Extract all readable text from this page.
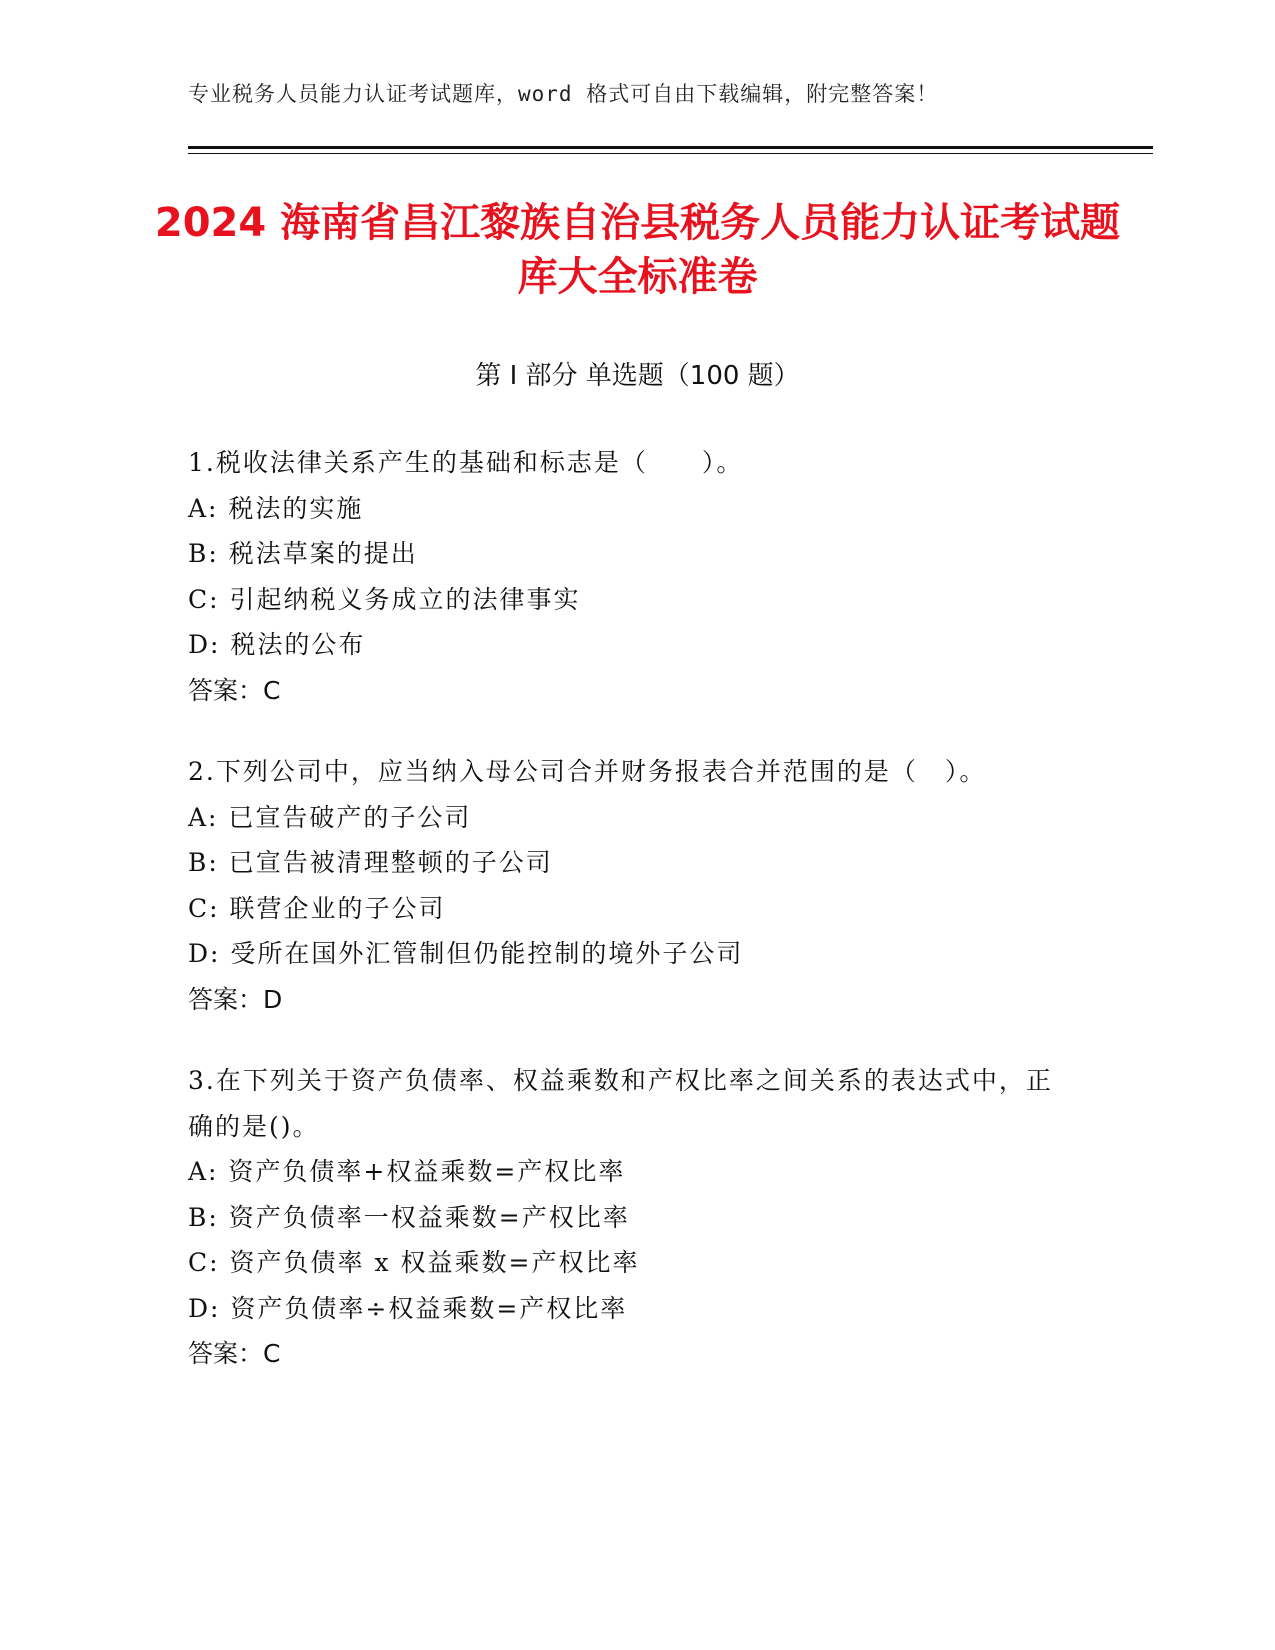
专业税务人员能力认证考试题库，word 格式可自由下载编辑，附完整答案！
2024 海南省昌江黎族自治县税务人员能力认证考试题库大全标准卷
第 I 部分 单选题（100 题）
1.税收法律关系产生的基础和标志是（　　）。
A: 税法的实施
B: 税法草案的提出
C: 引起纳税义务成立的法律事实
D: 税法的公布
答案：C
2.下列公司中，应当纳入母公司合并财务报表合并范围的是（　）。
A: 已宣告破产的子公司
B: 已宣告被清理整顿的子公司
C: 联营企业的子公司
D: 受所在国外汇管制但仍能控制的境外子公司
答案：D
3.在下列关于资产负债率、权益乘数和产权比率之间关系的表达式中，正确的是()。
A: 资产负债率+权益乘数=产权比率
B: 资产负债率一权益乘数=产权比率
C: 资产负债率 x 权益乘数=产权比率
D: 资产负债率÷权益乘数=产权比率
答案：C
